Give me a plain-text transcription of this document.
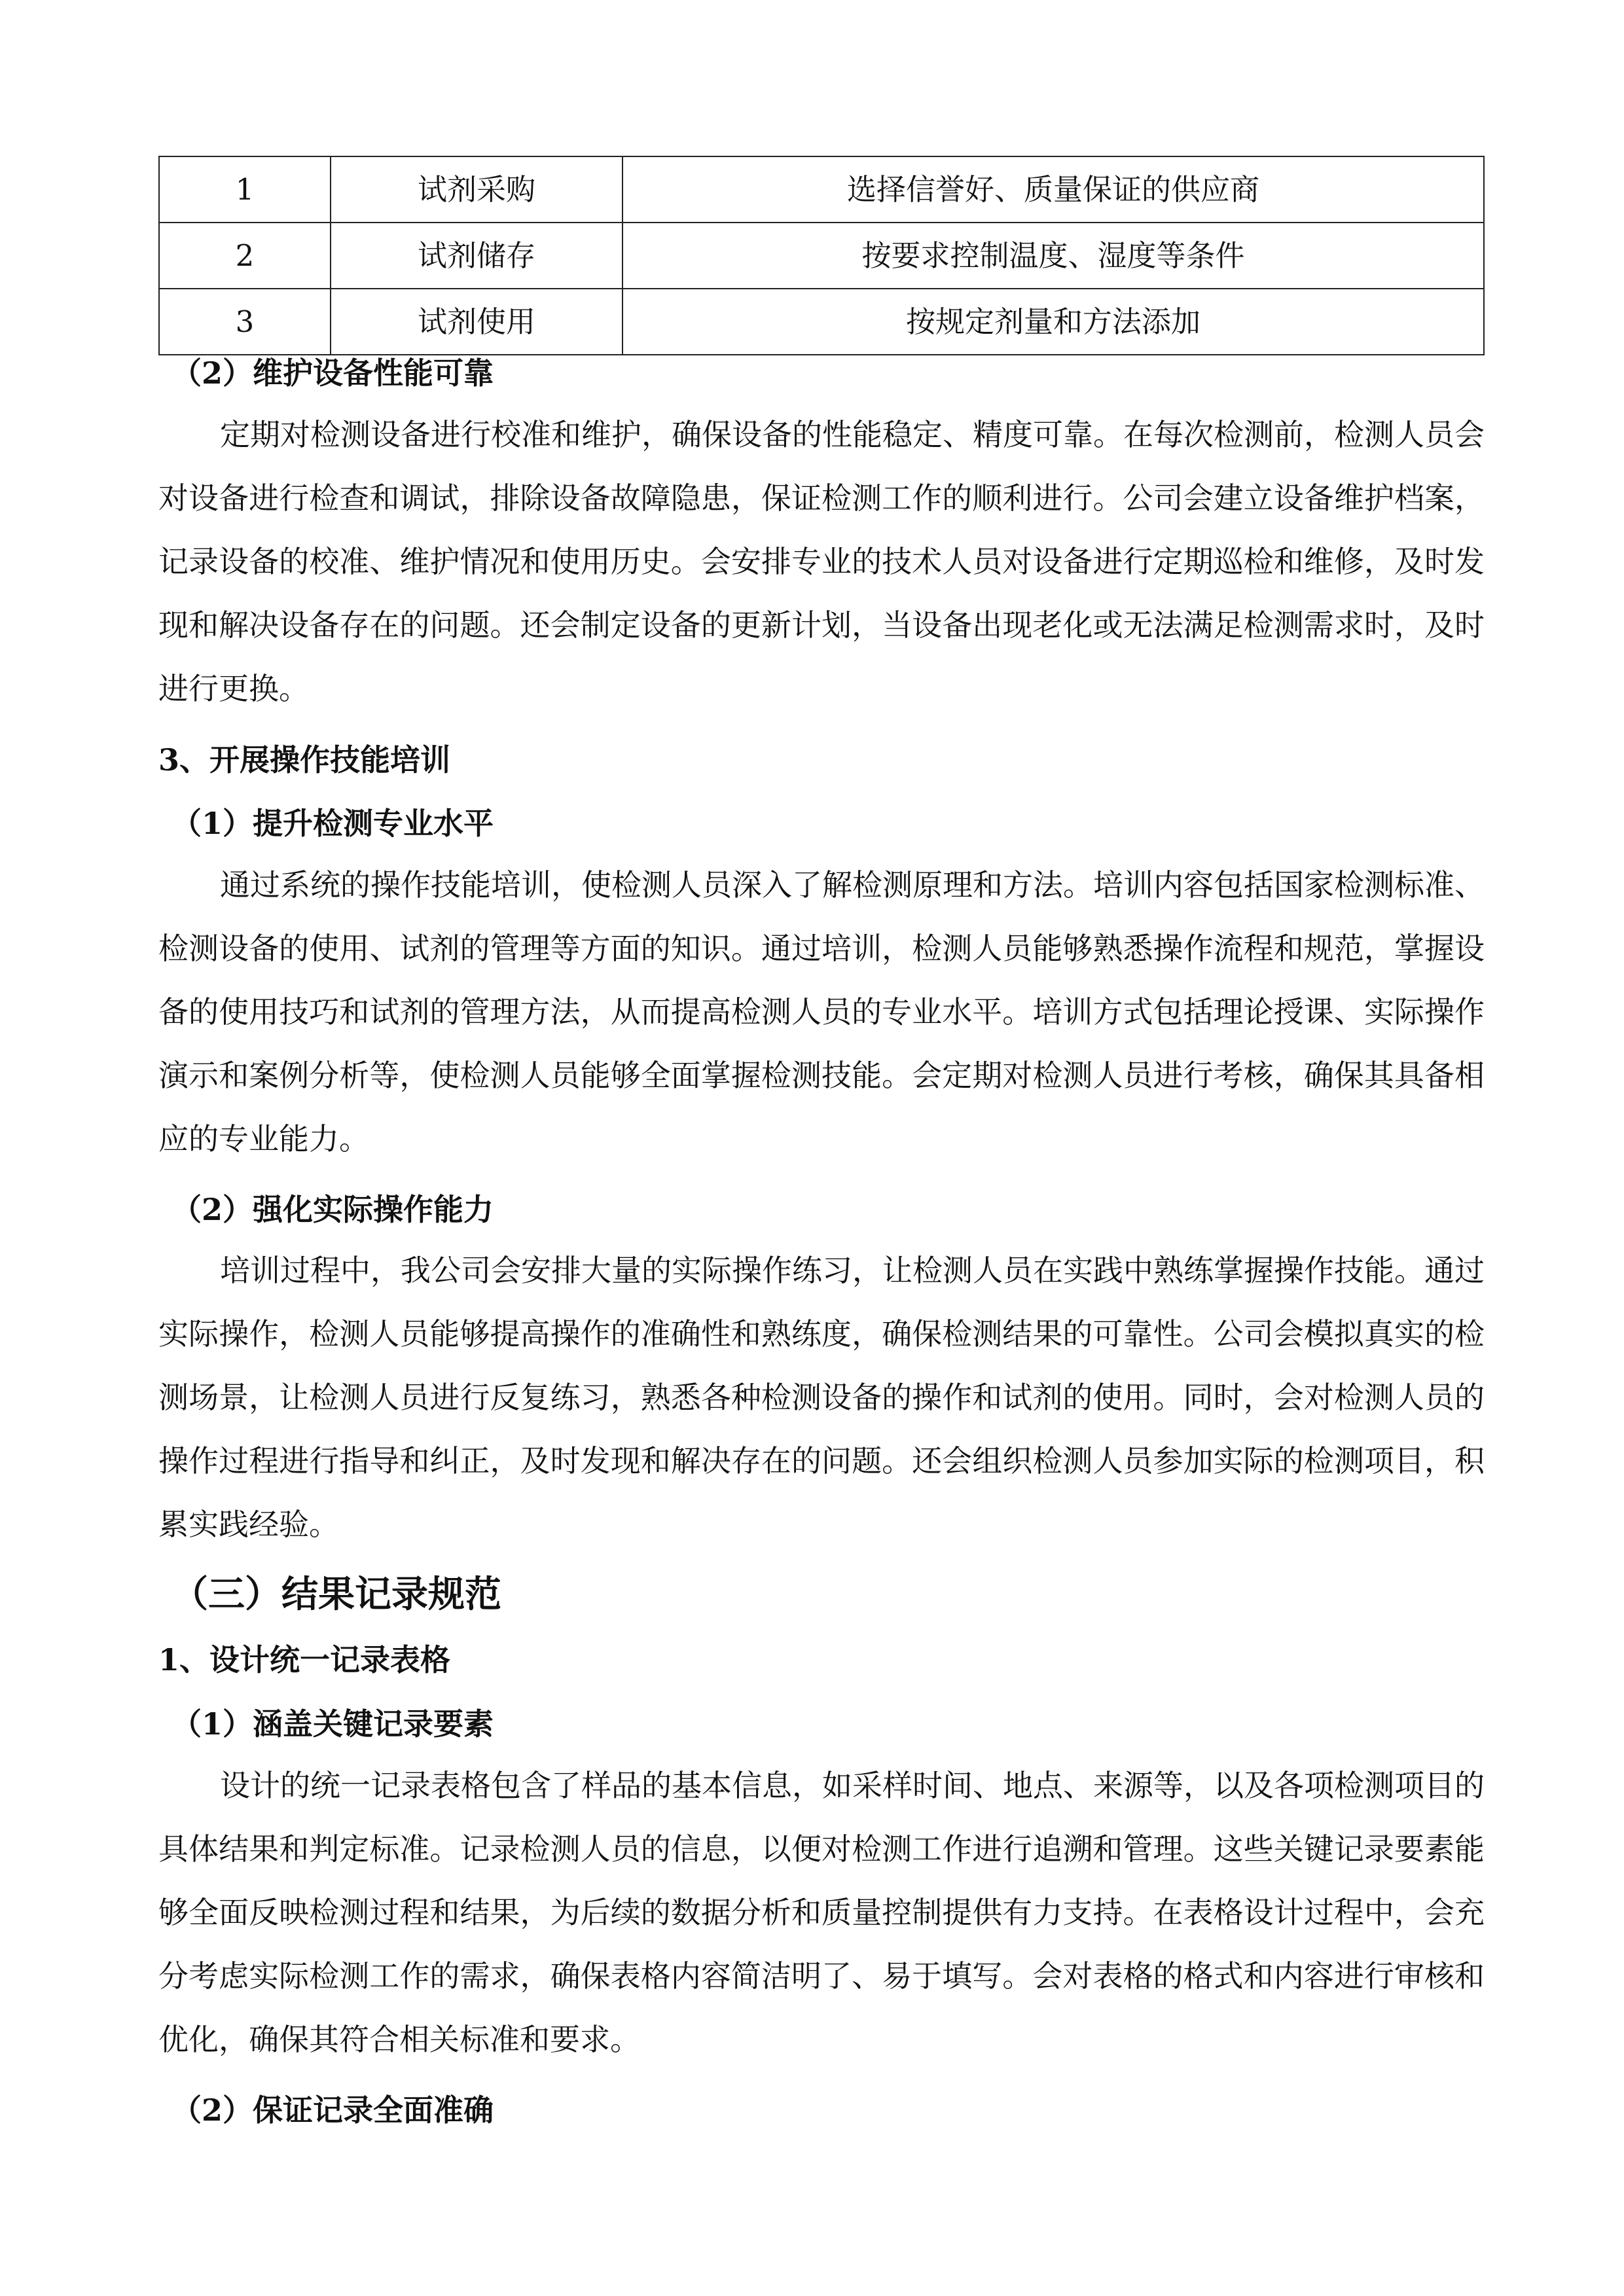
1	试剂采购	选择信誉好、质量保证的供应商
2	试剂储存	按要求控制温度、湿度等条件
3	试剂使用	按规定剂量和方法添加
（2）维护设备性能可靠

定期对检测设备进行校准和维护，确保设备的性能稳定、精度可靠。在每次检测前，检测人员会对设备进行检查和调试，排除设备故障隐患，保证检测工作的顺利进行。公司会建立设备维护档案，记录设备的校准、维护情况和使用历史。会安排专业的技术人员对设备进行定期巡检和维修，及时发现和解决设备存在的问题。还会制定设备的更新计划，当设备出现老化或无法满足检测需求时，及时进行更换。

3、开展操作技能培训
（1）提升检测专业水平

通过系统的操作技能培训，使检测人员深入了解检测原理和方法。培训内容包括国家检测标准、检测设备的使用、试剂的管理等方面的知识。通过培训，检测人员能够熟悉操作流程和规范，掌握设备的使用技巧和试剂的管理方法，从而提高检测人员的专业水平。培训方式包括理论授课、实际操作演示和案例分析等，使检测人员能够全面掌握检测技能。会定期对检测人员进行考核，确保其具备相应的专业能力。

（2）强化实际操作能力

培训过程中，我公司会安排大量的实际操作练习，让检测人员在实践中熟练掌握操作技能。通过实际操作，检测人员能够提高操作的准确性和熟练度，确保检测结果的可靠性。公司会模拟真实的检测场景，让检测人员进行反复练习，熟悉各种检测设备的操作和试剂的使用。同时，会对检测人员的操作过程进行指导和纠正，及时发现和解决存在的问题。还会组织检测人员参加实际的检测项目，积累实践经验。

（三）结果记录规范
1、设计统一记录表格
（1）涵盖关键记录要素

设计的统一记录表格包含了样品的基本信息，如采样时间、地点、来源等，以及各项检测项目的具体结果和判定标准。记录检测人员的信息，以便对检测工作进行追溯和管理。这些关键记录要素能够全面反映检测过程和结果，为后续的数据分析和质量控制提供有力支持。在表格设计过程中，会充分考虑实际检测工作的需求，确保表格内容简洁明了、易于填写。会对表格的格式和内容进行审核和优化，确保其符合相关标准和要求。

（2）保证记录全面准确
